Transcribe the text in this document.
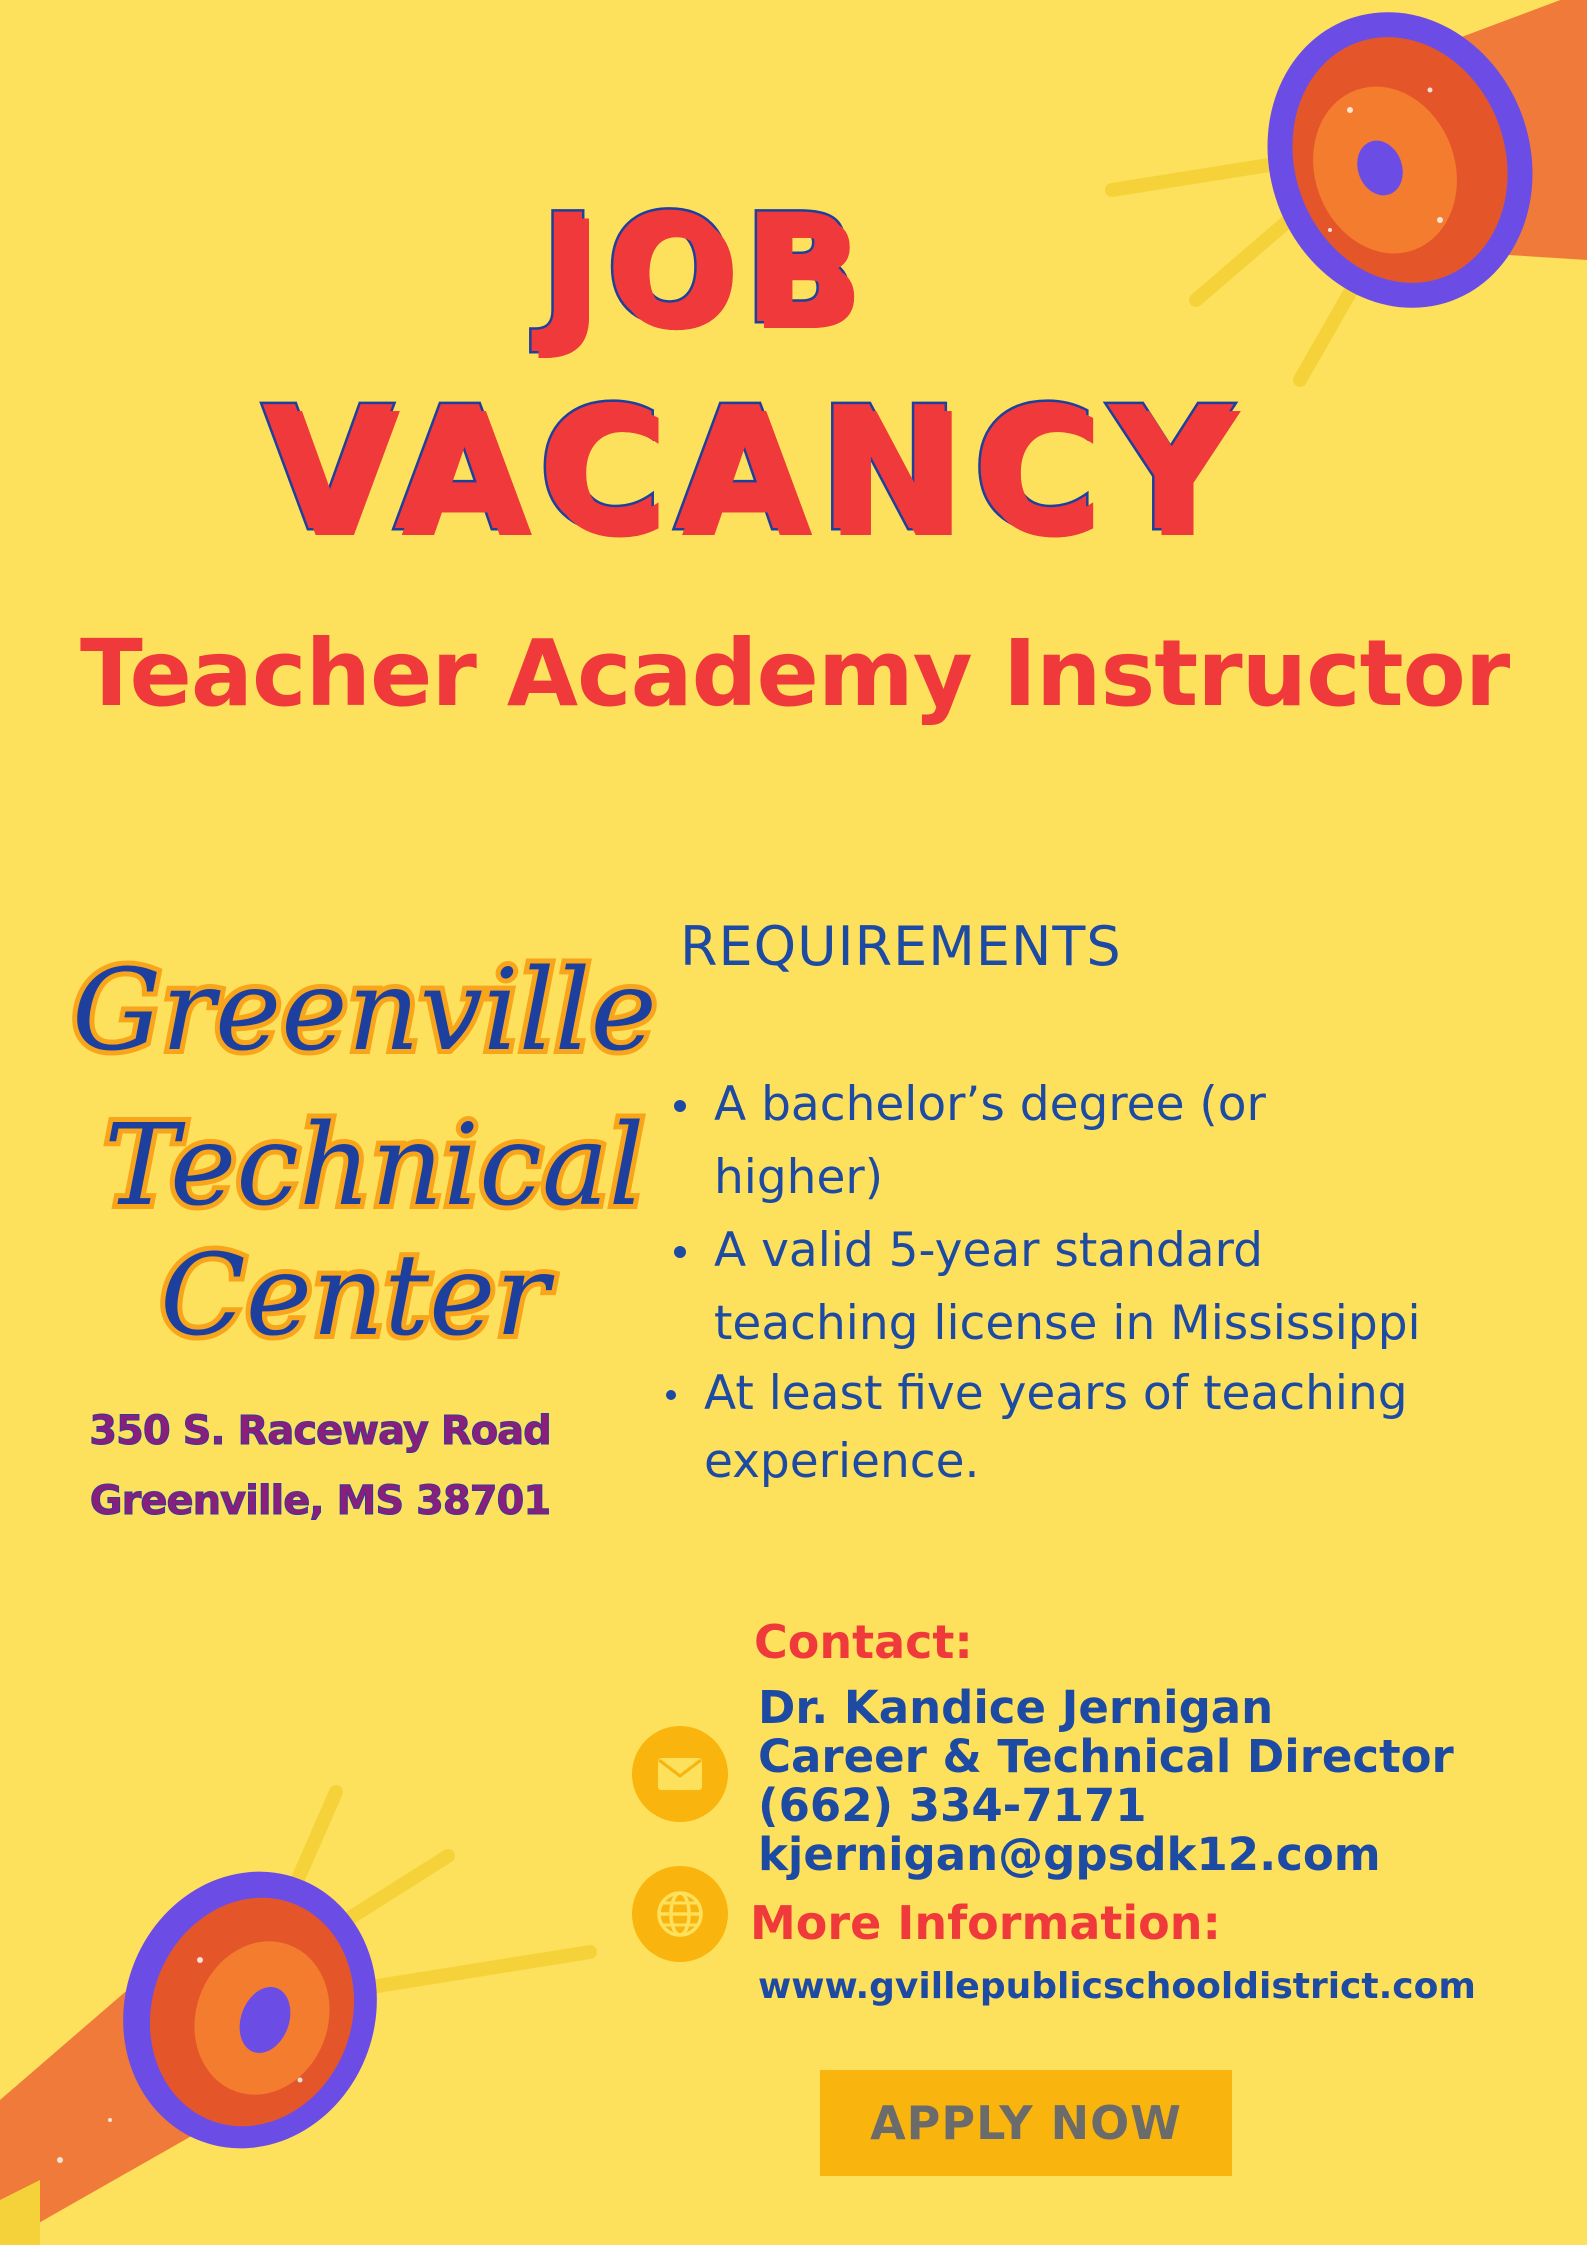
JOB
VACANCY
Teacher Academy Instructor
Greenville
Technical
Center
350 S. Raceway Road
Greenville, MS 38701
REQUIREMENTS
A bachelor’s degree (or higher)
A valid 5-year standard teaching license in Mississippi
At least five years of teaching experience.
Contact:
Dr. Kandice Jernigan
Career & Technical Director
(662) 334-7171
kjernigan@gpsdk12.com
More Information:
www.gvillepublicschooldistrict.com
APPLY NOW
